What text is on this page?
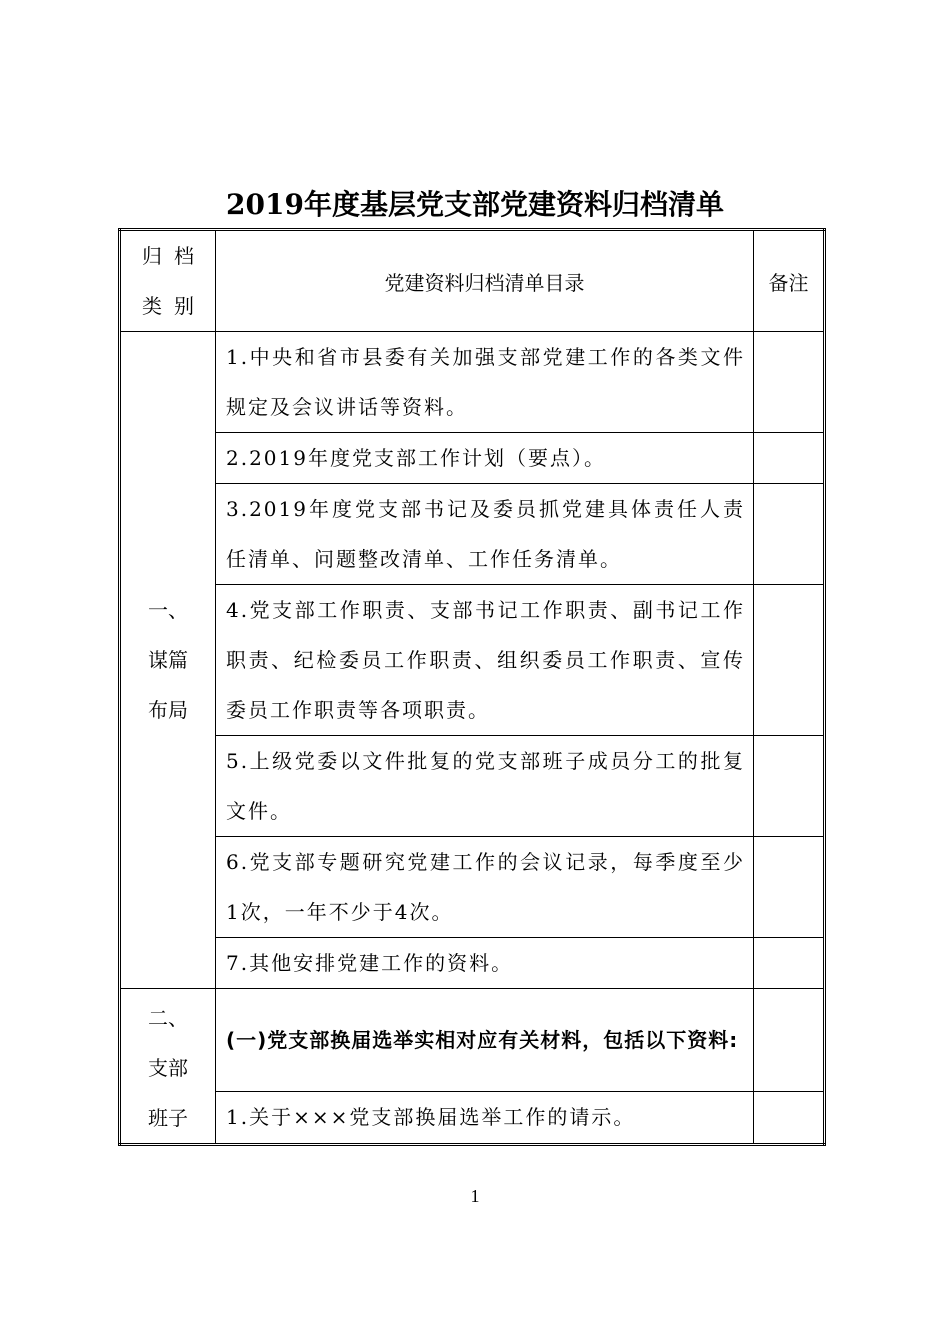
2019年度基层党支部党建资料归档清单
归档
类别	党建资料归档清单目录	备注

一、
谋篇
布局	1.中央和省市县委有关加强支部党建工作的各类文件规定及会议讲话等资料。	
	2.2019年度党支部工作计划（要点）。	
	3.2019年度党支部书记及委员抓党建具体责任人责任清单、问题整改清单、工作任务清单。	
	4.党支部工作职责、支部书记工作职责、副书记工作职责、纪检委员工作职责、组织委员工作职责、宣传委员工作职责等各项职责。	
	5.上级党委以文件批复的党支部班子成员分工的批复文件。	
	6.党支部专题研究党建工作的会议记录，每季度至少1次，一年不少于4次。	
	7.其他安排党建工作的资料。	

二、
支部
班子	(一)党支部换届选举实相对应有关材料，包括以下资料:	
	1.关于×××党支部换届选举工作的请示。	
1
